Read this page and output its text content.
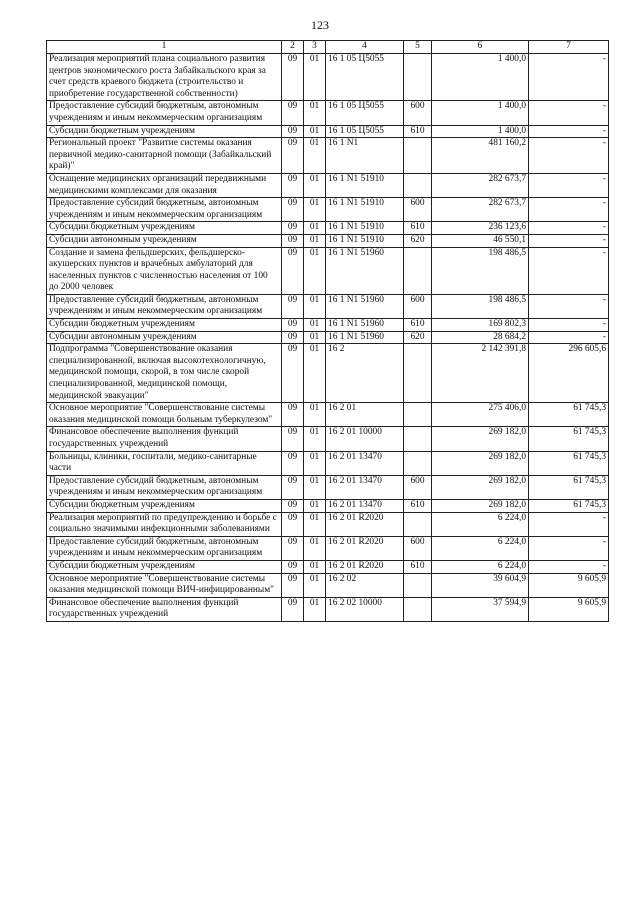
123
1	2	3	4	5	6	7
Реализация мероприятий плана социального развития центров экономического роста Забайкальского края за счет средств краевого бюджета (строительство и приобретение государственной собственности)	09	01	16 1 05 Ц5055		1 400,0	-
Предоставление субсидий бюджетным, автономным учреждениям и иным некоммерческим организациям	09	01	16 1 05 Ц5055	600	1 400,0	-
Субсидии бюджетным учреждениям	09	01	16 1 05 Ц5055	610	1 400,0	-
Региональный проект "Развитие системы оказания первичной медико-санитарной помощи (Забайкальский край)"	09	01	16 1 N1		481 160,2	-
Оснащение медицинских организаций передвижными медицинскими комплексами для оказания	09	01	16 1 N1 51910		282 673,7	-
Предоставление субсидий бюджетным, автономным учреждениям и иным некоммерческим организациям	09	01	16 1 N1 51910	600	282 673,7	-
Субсидии бюджетным учреждениям	09	01	16 1 N1 51910	610	236 123,6	-
Субсидии автономным учреждениям	09	01	16 1 N1 51910	620	46 550,1	-
Создание и замена фельдшерских, фельдшерско-акушерских пунктов и врачебных амбулаторий для населенных пунктов с численностью населения от 100 до 2000 человек	09	01	16 1 N1 51960		198 486,5	-
Предоставление субсидий бюджетным, автономным учреждениям и иным некоммерческим организациям	09	01	16 1 N1 51960	600	198 486,5	-
Субсидии бюджетным учреждениям	09	01	16 1 N1 51960	610	169 802,3	-
Субсидии автономным учреждениям	09	01	16 1 N1 51960	620	28 684,2	-
Подпрограмма "Совершенствование оказания специализированной, включая высокотехнологичную, медицинской помощи, скорой, в том числе скорой специализированной, медицинской помощи, медицинской эвакуации"	09	01	16 2		2 142 391,8	296 605,6
Основное мероприятие "Совершенствование системы оказания медицинской помощи больным туберкулезом"	09	01	16 2 01		275 406,0	61 745,3
Финансовое обеспечение выполнения функций государственных учреждений	09	01	16 2 01 10000		269 182,0	61 745,3
Больницы, клиники, госпитали, медико-санитарные части	09	01	16 2 01 13470		269 182,0	61 745,3
Предоставление субсидий бюджетным, автономным учреждениям и иным некоммерческим организациям	09	01	16 2 01 13470	600	269 182,0	61 745,3
Субсидии бюджетным учреждениям	09	01	16 2 01 13470	610	269 182,0	61 745,3
Реализация мероприятий по предупреждению и борьбе с социально значимыми инфекционными заболеваниями	09	01	16 2 01 R2020		6 224,0	-
Предоставление субсидий бюджетным, автономным учреждениям и иным некоммерческим организациям	09	01	16 2 01 R2020	600	6 224,0	-
Субсидии бюджетным учреждениям	09	01	16 2 01 R2020	610	6 224,0	-
Основное мероприятие "Совершенствование системы оказания медицинской помощи ВИЧ-инфицированным"	09	01	16 2 02		39 604,9	9 605,9
Финансовое обеспечение выполнения функций государственных учреждений	09	01	16 2 02 10000		37 594,9	9 605,9
